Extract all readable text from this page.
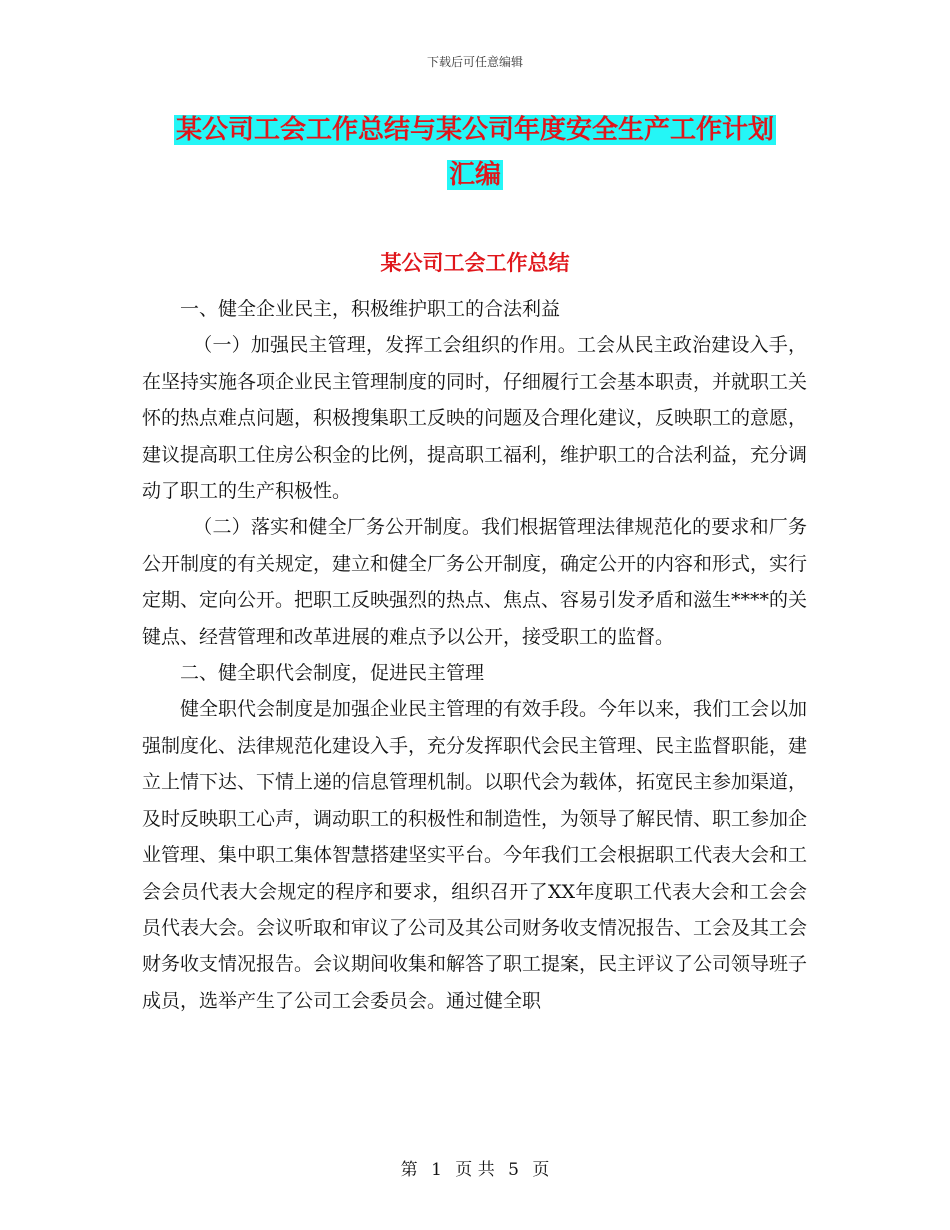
下载后可任意编辑
某公司工会工作总结与某公司年度安全生产工作计划
汇编
某公司工会工作总结

一、健全企业民主，积极维护职工的合法利益

（一）加强民主管理，发挥工会组织的作用。工会从民主政治建设入手，在坚持实施各项企业民主管理制度的同时，仔细履行工会基本职责，并就职工关怀的热点难点问题，积极搜集职工反映的问题及合理化建议，反映职工的意愿，建议提高职工住房公积金的比例，提高职工福利，维护职工的合法利益，充分调动了职工的生产积极性。

（二）落实和健全厂务公开制度。我们根据管理法律规范化的要求和厂务公开制度的有关规定，建立和健全厂务公开制度，确定公开的内容和形式，实行定期、定向公开。把职工反映强烈的热点、焦点、容易引发矛盾和滋生****的关键点、经营管理和改革进展的难点予以公开，接受职工的监督。

二、健全职代会制度，促进民主管理

健全职代会制度是加强企业民主管理的有效手段。今年以来，我们工会以加强制度化、法律规范化建设入手，充分发挥职代会民主管理、民主监督职能，建立上情下达、下情上递的信息管理机制。以职代会为载体，拓宽民主参加渠道，及时反映职工心声，调动职工的积极性和制造性，为领导了解民情、职工参加企业管理、集中职工集体智慧搭建坚实平台。今年我们工会根据职工代表大会和工会会员代表大会规定的程序和要求，组织召开了XX年度职工代表大会和工会会员代表大会。会议听取和审议了公司及其公司财务收支情况报告、工会及其工会财务收支情况报告。会议期间收集和解答了职工提案，民主评议了公司领导班子成员，选举产生了公司工会委员会。通过健全职

第 1 页 共 5 页
